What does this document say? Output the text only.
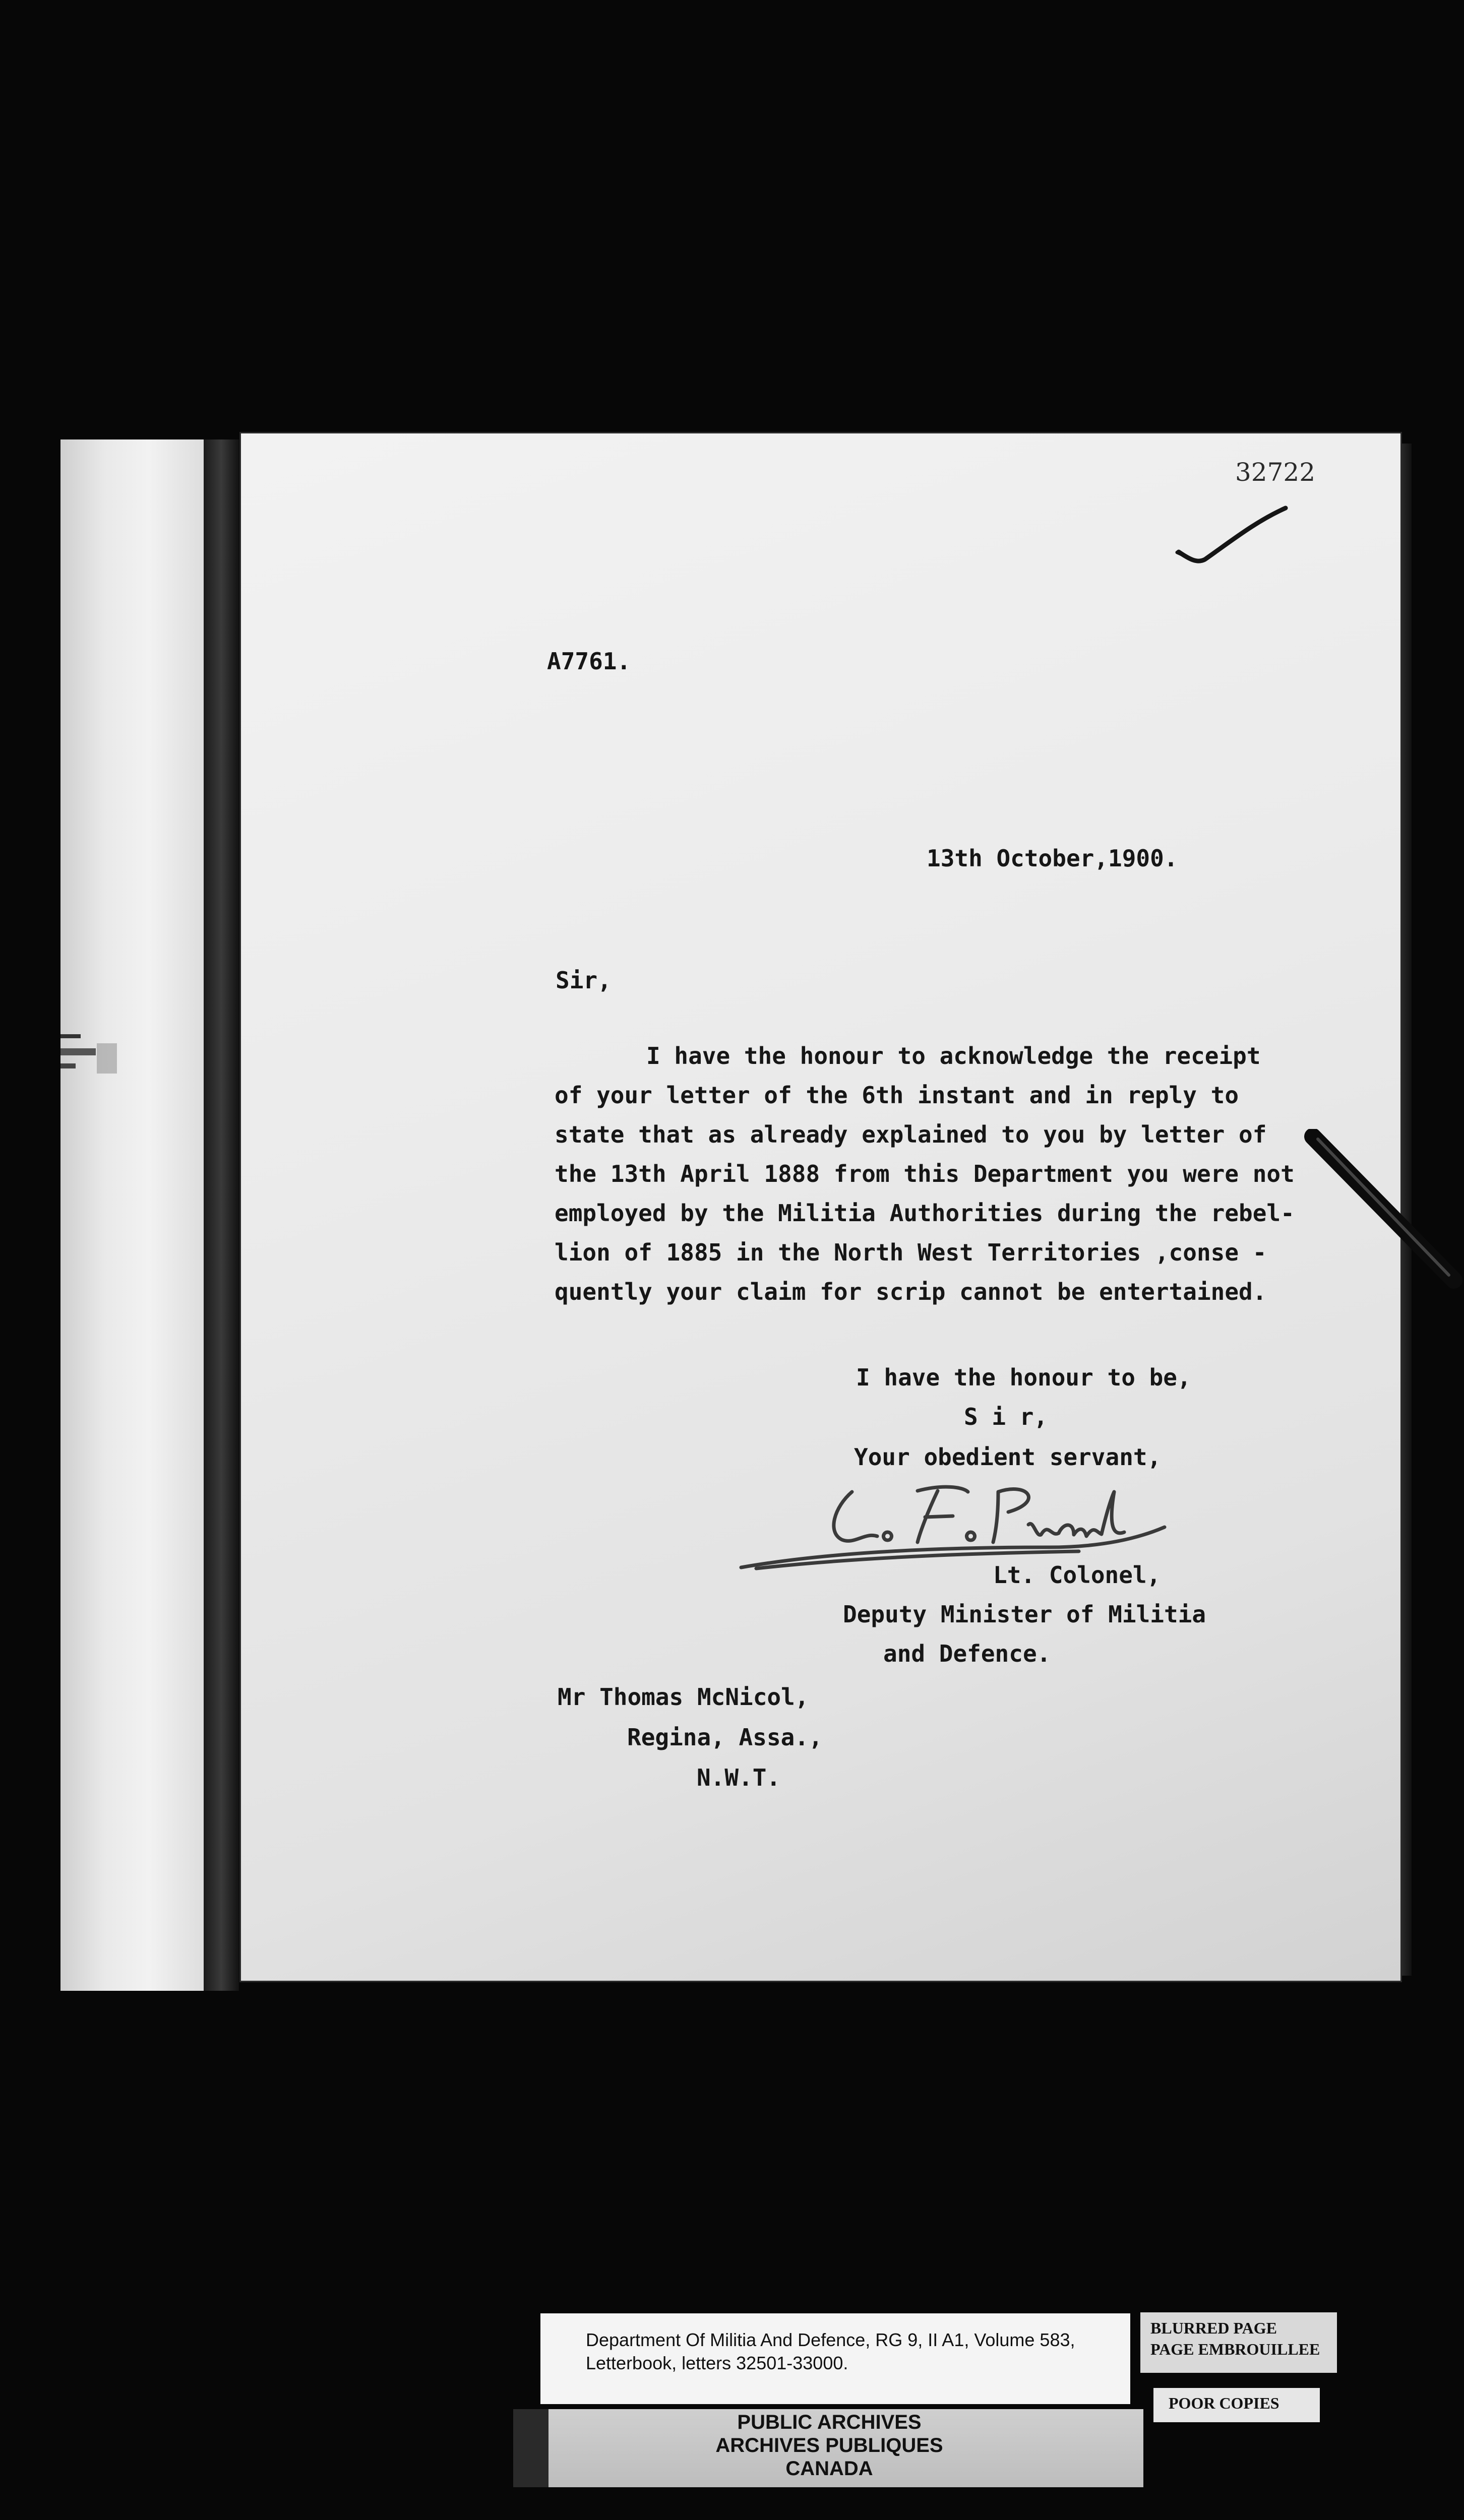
32722
A7761.
13th October,1900.
Sir,
I have the honour to acknowledge the receipt
of your letter of the 6th instant and in reply to
state that as already explained to you by letter of
the 13th April 1888 from this Department you were not
employed by the Militia Authorities during the rebel-
lion of 1885 in the North West Territories ,conse -
quently your claim for scrip cannot be entertained.
I have the honour to be,
S i r,
Your obedient servant,
Lt. Colonel,
Deputy Minister of Militia
and Defence.
Mr Thomas McNicol,
Regina, Assa.,
N.W.T.
Department Of Militia And Defence, RG 9, II A1, Volume 583,
Letterbook, letters 32501-33000.
PUBLIC ARCHIVES
ARCHIVES PUBLIQUES
CANADA
BLURRED PAGE
PAGE EMBROUILLEE
POOR COPIES
